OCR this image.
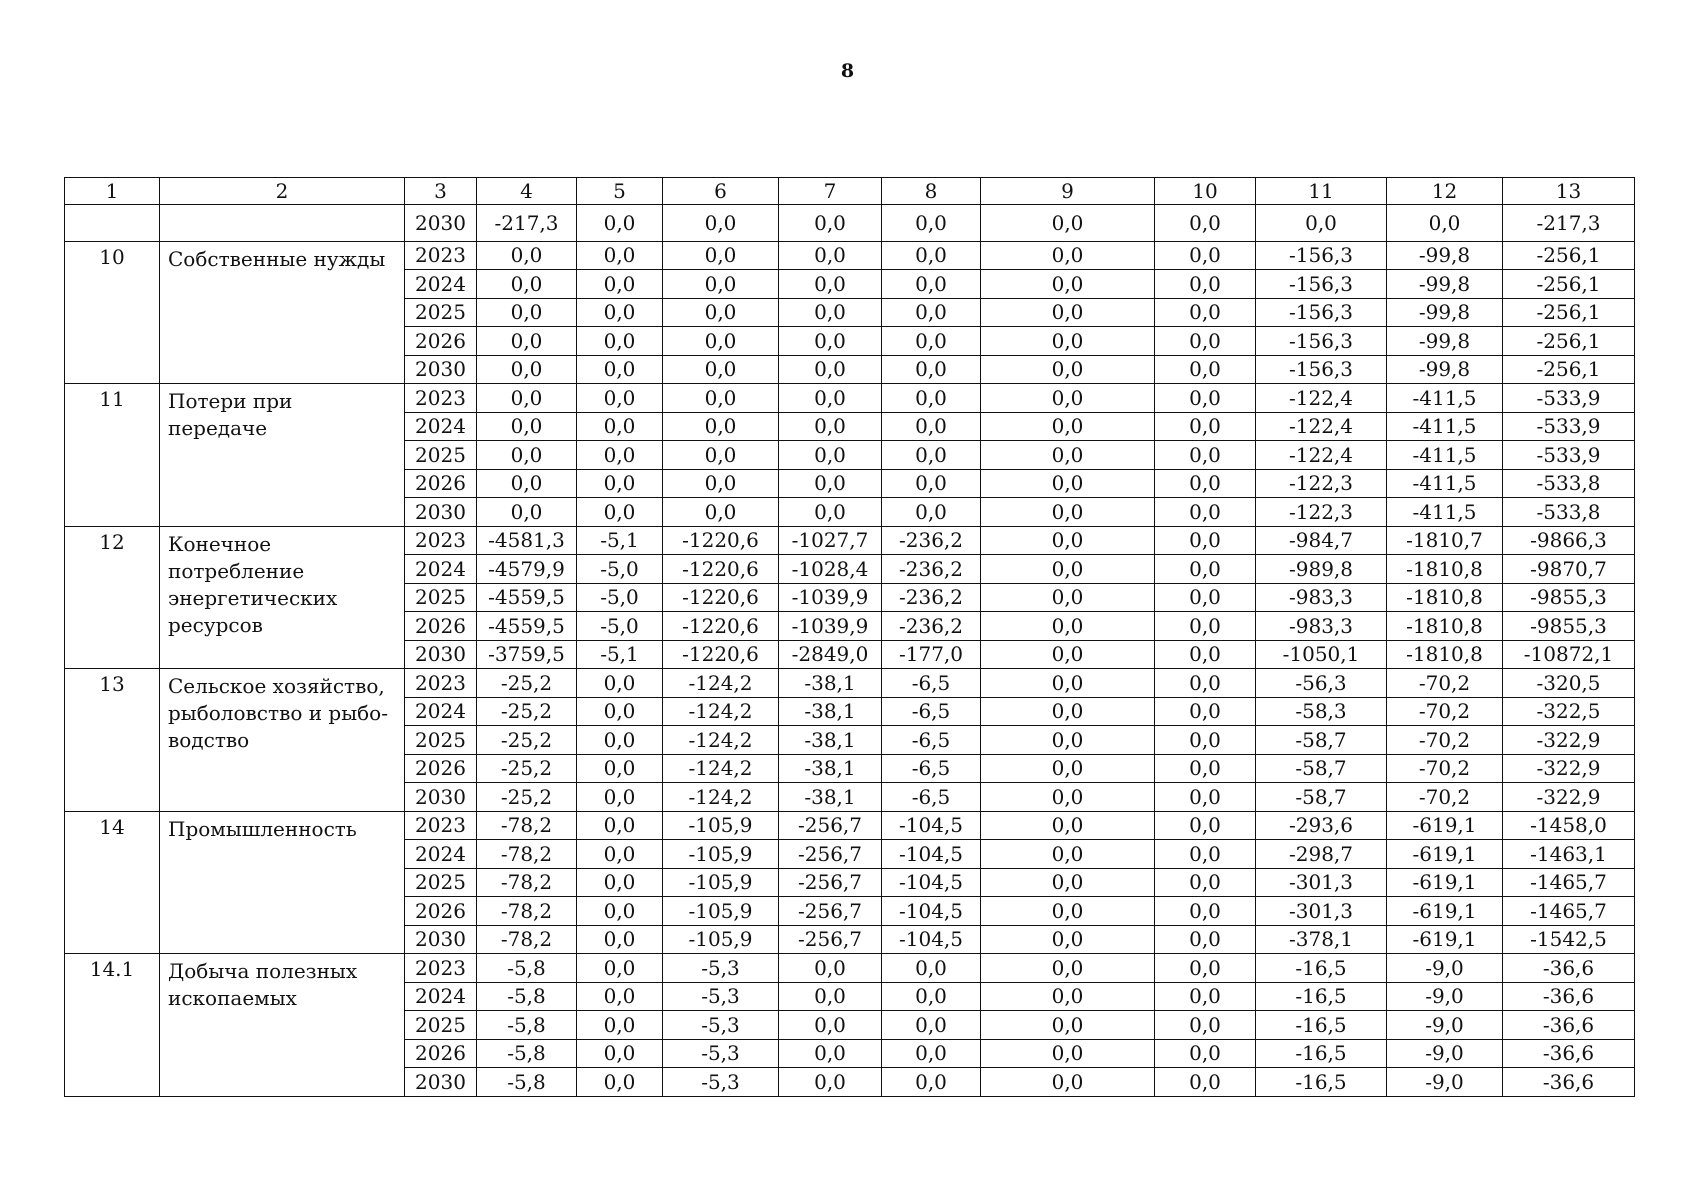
8
1	2	3	4	5	6	7	8	9	10	11	12	13
		2030	-217,3	0,0	0,0	0,0	0,0	0,0	0,0	0,0	0,0	-217,3
10	Собственные нужды	2023	0,0	0,0	0,0	0,0	0,0	0,0	0,0	-156,3	-99,8	-256,1
		2024	0,0	0,0	0,0	0,0	0,0	0,0	0,0	-156,3	-99,8	-256,1
		2025	0,0	0,0	0,0	0,0	0,0	0,0	0,0	-156,3	-99,8	-256,1
		2026	0,0	0,0	0,0	0,0	0,0	0,0	0,0	-156,3	-99,8	-256,1
		2030	0,0	0,0	0,0	0,0	0,0	0,0	0,0	-156,3	-99,8	-256,1
11	Потери при передаче	2023	0,0	0,0	0,0	0,0	0,0	0,0	0,0	-122,4	-411,5	-533,9
		2024	0,0	0,0	0,0	0,0	0,0	0,0	0,0	-122,4	-411,5	-533,9
		2025	0,0	0,0	0,0	0,0	0,0	0,0	0,0	-122,4	-411,5	-533,9
		2026	0,0	0,0	0,0	0,0	0,0	0,0	0,0	-122,3	-411,5	-533,8
		2030	0,0	0,0	0,0	0,0	0,0	0,0	0,0	-122,3	-411,5	-533,8
12	Конечное потребление энергетических ресурсов	2023	-4581,3	-5,1	-1220,6	-1027,7	-236,2	0,0	0,0	-984,7	-1810,7	-9866,3
		2024	-4579,9	-5,0	-1220,6	-1028,4	-236,2	0,0	0,0	-989,8	-1810,8	-9870,7
		2025	-4559,5	-5,0	-1220,6	-1039,9	-236,2	0,0	0,0	-983,3	-1810,8	-9855,3
		2026	-4559,5	-5,0	-1220,6	-1039,9	-236,2	0,0	0,0	-983,3	-1810,8	-9855,3
		2030	-3759,5	-5,1	-1220,6	-2849,0	-177,0	0,0	0,0	-1050,1	-1810,8	-10872,1
13	Сельское хозяйство, рыболовство и рыбо-водство	2023	-25,2	0,0	-124,2	-38,1	-6,5	0,0	0,0	-56,3	-70,2	-320,5
		2024	-25,2	0,0	-124,2	-38,1	-6,5	0,0	0,0	-58,3	-70,2	-322,5
		2025	-25,2	0,0	-124,2	-38,1	-6,5	0,0	0,0	-58,7	-70,2	-322,9
		2026	-25,2	0,0	-124,2	-38,1	-6,5	0,0	0,0	-58,7	-70,2	-322,9
		2030	-25,2	0,0	-124,2	-38,1	-6,5	0,0	0,0	-58,7	-70,2	-322,9
14	Промышленность	2023	-78,2	0,0	-105,9	-256,7	-104,5	0,0	0,0	-293,6	-619,1	-1458,0
		2024	-78,2	0,0	-105,9	-256,7	-104,5	0,0	0,0	-298,7	-619,1	-1463,1
		2025	-78,2	0,0	-105,9	-256,7	-104,5	0,0	0,0	-301,3	-619,1	-1465,7
		2026	-78,2	0,0	-105,9	-256,7	-104,5	0,0	0,0	-301,3	-619,1	-1465,7
		2030	-78,2	0,0	-105,9	-256,7	-104,5	0,0	0,0	-378,1	-619,1	-1542,5
14.1	Добыча полезных ископаемых	2023	-5,8	0,0	-5,3	0,0	0,0	0,0	0,0	-16,5	-9,0	-36,6
		2024	-5,8	0,0	-5,3	0,0	0,0	0,0	0,0	-16,5	-9,0	-36,6
		2025	-5,8	0,0	-5,3	0,0	0,0	0,0	0,0	-16,5	-9,0	-36,6
		2026	-5,8	0,0	-5,3	0,0	0,0	0,0	0,0	-16,5	-9,0	-36,6
		2030	-5,8	0,0	-5,3	0,0	0,0	0,0	0,0	-16,5	-9,0	-36,6
